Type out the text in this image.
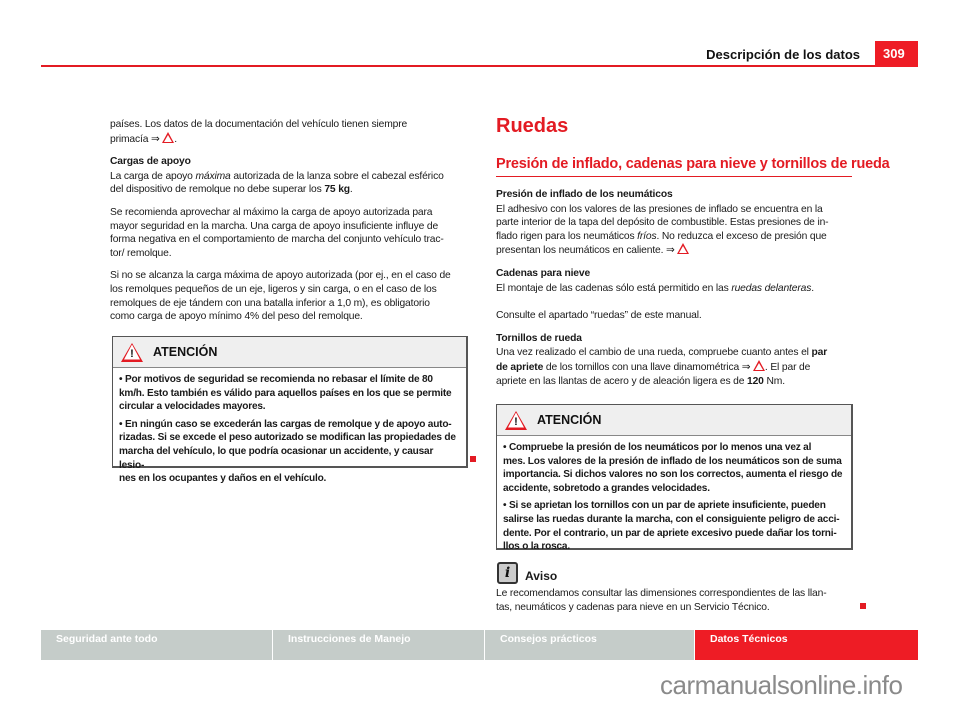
Descripción de los datos	309

países. Los datos de la documentación del vehículo tienen siempre
primacía ⇒ .

Cargas de apoyo

La carga de apoyo máxima autorizada de la lanza sobre el cabezal esférico
del dispositivo de remolque no debe superar los 75 kg.

Se recomienda aprovechar al máximo la carga de apoyo autorizada para
mayor seguridad en la marcha. Una carga de apoyo insuficiente influye de
forma negativa en el comportamiento de marcha del conjunto vehículo trac-
tor/ remolque.

Si no se alcanza la carga máxima de apoyo autorizada (por ej., en el caso de
los remolques pequeños de un eje, ligeros y sin carga, o en el caso de los
remolques de eje tándem con una batalla inferior a 1,0 m), es obligatorio
como carga de apoyo mínimo 4% del peso del remolque.

!
ATENCIÓN

• Por motivos de seguridad se recomienda no rebasar el límite de 80
km/h. Esto también es válido para aquellos países en los que se permite
circular a velocidades mayores.

• En ningún caso se excederán las cargas de remolque y de apoyo auto-
rizadas. Si se excede el peso autorizado se modifican las propiedades de
marcha del vehículo, lo que podría ocasionar un accidente, y causar lesio-
nes en los ocupantes y daños en el vehículo.

Ruedas
Presión de inflado, cadenas para nieve y tornillos de rueda
Presión de inflado de los neumáticos

El adhesivo con los valores de las presiones de inflado se encuentra en la
parte interior de la tapa del depósito de combustible. Estas presiones de in-
flado rigen para los neumáticos fríos. No reduzca el exceso de presión que
presentan los neumáticos en caliente. ⇒

Cadenas para nieve

El montaje de las cadenas sólo está permitido en las ruedas delanteras.

Consulte el apartado “ruedas” de este manual.

Tornillos de rueda

Una vez realizado el cambio de una rueda, compruebe cuanto antes el par
de apriete de los tornillos con una llave dinamométrica ⇒ . El par de
apriete en las llantas de acero y de aleación ligera es de 120 Nm.

!
ATENCIÓN

• Compruebe la presión de los neumáticos por lo menos una vez al
mes. Los valores de la presión de inflado de los neumáticos son de suma
importancia. Si dichos valores no son los correctos, aumenta el riesgo de
accidente, sobretodo a grandes velocidades.

• Si se aprietan los tornillos con un par de apriete insuficiente, pueden
salirse las ruedas durante la marcha, con el consiguiente peligro de acci-
dente. Por el contrario, un par de apriete excesivo puede dañar los torni-
llos o la rosca.

i	Aviso

Le recomendamos consultar las dimensiones correspondientes de las llan-
tas, neumáticos y cadenas para nieve en un Servicio Técnico.

Seguridad ante todo	Instrucciones de Manejo	Consejos prácticos	Datos Técnicos
carmanualsonline.info
